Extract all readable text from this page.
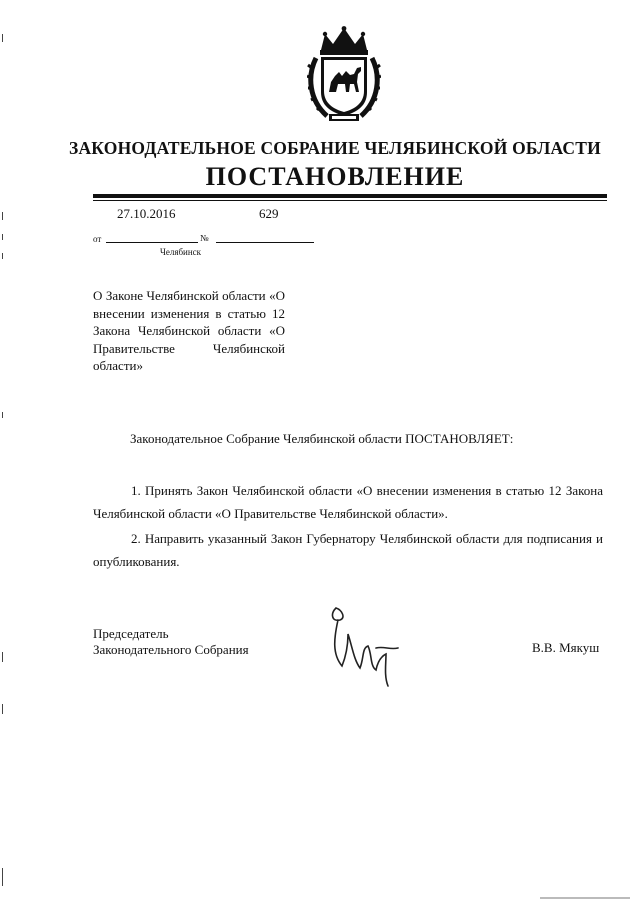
ЗАКОНОДАТЕЛЬНОЕ СОБРАНИЕ ЧЕЛЯБИНСКОЙ ОБЛАСТИ
ПОСТАНОВЛЕНИЕ
27.10.2016	629
от	№
Челябинск
О Законе Челябинской области «О внесении изменения в статью 12 Закона Челябинской области «О Правительстве Челябинской области»
Законодательное Собрание Челябинской области ПОСТАНОВЛЯЕТ:

1. Принять Закон Челябинской области «О внесении изменения в статью 12 Закона Челябинской области «О Правительстве Челябинской области».

2. Направить указанный Закон Губернатору Челябинской области для подписания и опубликования.

Председатель
Законодательного Собрания	В.В. Мякуш
